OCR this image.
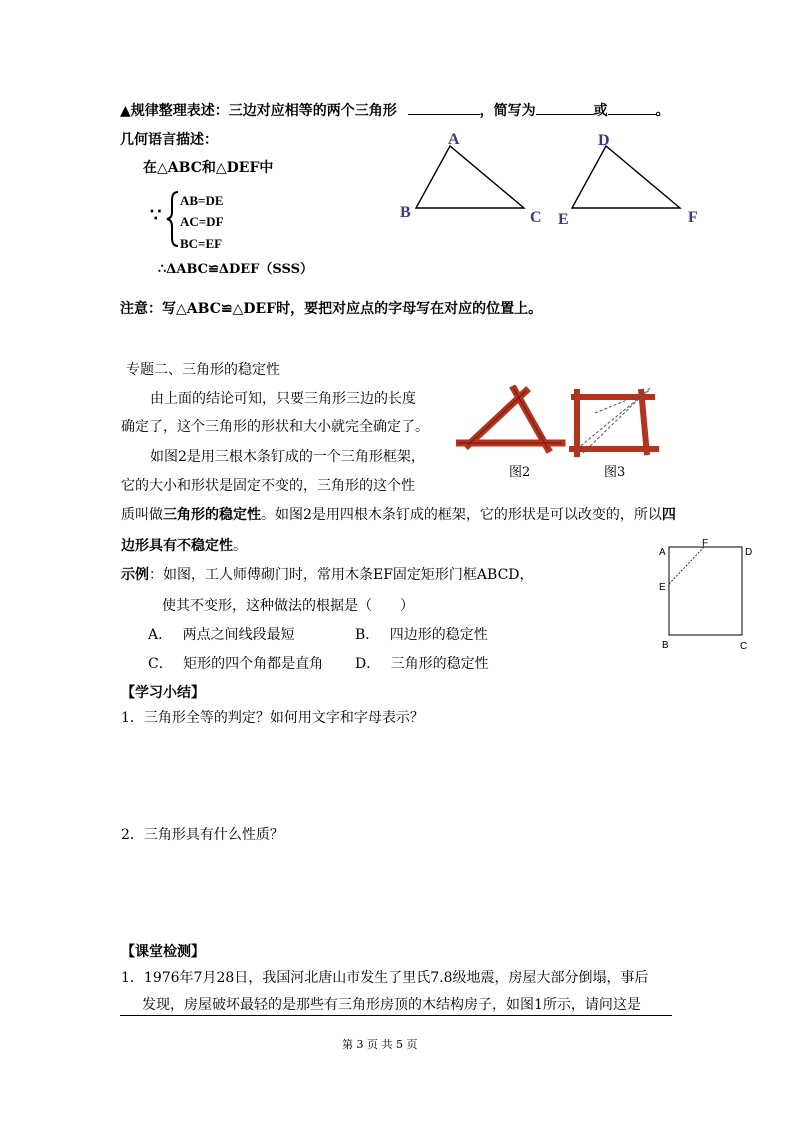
▲规律整理表述：三边对应相等的两个三角形	，简写为	或	。
几何语言描述：
在△ABC和△DEF中
∵
AB=DE
AC=DF
BC=EF
∴ΔABC≌ΔDEF（SSS）
A
B	C
D
E	F
注意：写△ABC≌△DEF时，要把对应点的字母写在对应的位置上。
专题二、三角形的稳定性
由上面的结论可知，只要三角形三边的长度
确定了，这个三角形的形状和大小就完全确定了。
如图2是用三根木条钉成的一个三角形框架，
它的大小和形状是固定不变的，三角形的这个性
质叫做三角形的稳定性。如图2是用四根木条钉成的框架，它的形状是可以改变的，所以四
边形具有不稳定性。
图2	图3
示例：如图，工人师傅砌门时，常用木条EF固定矩形门框ABCD，
使其不变形，这种做法的根据是（　　）
A． 两点之间线段最短	B． 四边形的稳定性
C． 矩形的四个角都是直角 D． 三角形的稳定性
A
F
D
E
B	C
【学习小结】
1．三角形全等的判定？如何用文字和字母表示？
2．三角形具有什么性质？
【课堂检测】
1．1976年7月28日，我国河北唐山市发生了里氏7.8级地震，房屋大部分倒塌，事后
发现，房屋破坏最轻的是那些有三角形房顶的木结构房子，如图1所示，请问这是
第 3 页 共 5 页
